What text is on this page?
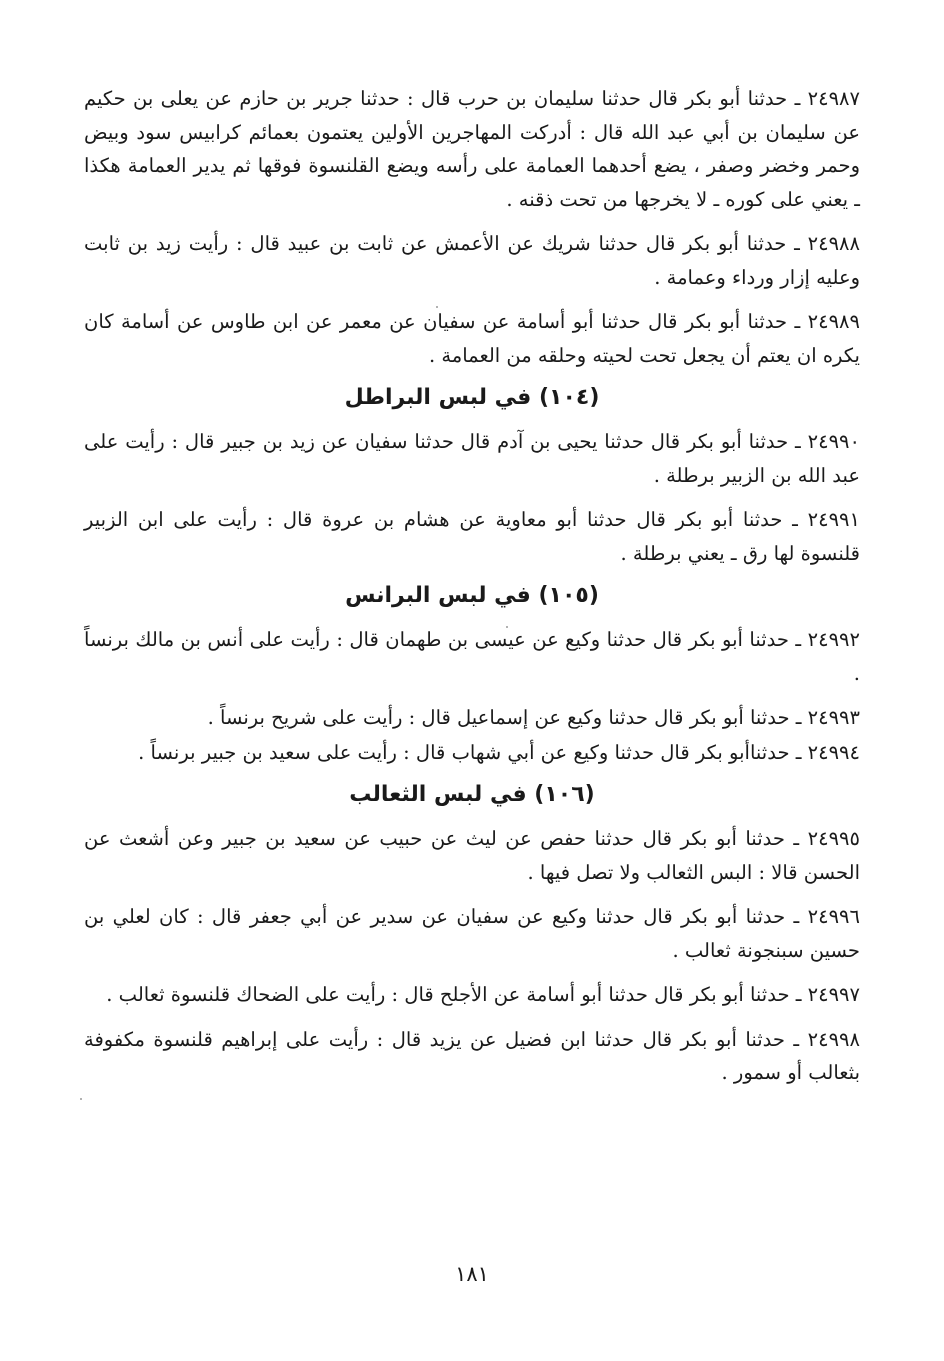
٢٤٩٨٧ ـ حدثنا أبو بكر قال حدثنا سليمان بن حرب قال : حدثنا جرير بن حازم عن يعلى بن حكيم عن سليمان بن أبي عبد الله قال : أدركت المهاجرين الأولين يعتمون بعمائم كرابيس سود وبيض وحمر وخضر وصفر ، يضع أحدهما العمامة على رأسه ويضع القلنسوة فوقها ثم يدير العمامة هكذا ـ يعني على كوره ـ لا يخرجها من تحت ذقنه .

٢٤٩٨٨ ـ حدثنا أبو بكر قال حدثنا شريك عن الأعمش عن ثابت بن عبيد قال : رأيت زيد بن ثابت وعليه إزار ورداء وعمامة .

٢٤٩٨٩ ـ حدثنا أبو بكر قال حدثنا أبو أسامة عن سفيان عن معمر عن ابن طاوس عن أسامة كان يكره ان يعتم أن يجعل تحت لحيته وحلقه من العمامة .

(١٠٤) في لبس البراطل

٢٤٩٩٠ ـ حدثنا أبو بكر قال حدثنا يحيى بن آدم قال حدثنا سفيان عن زيد بن جبير قال : رأيت على عبد الله بن الزبير برطلة .

٢٤٩٩١ ـ حدثنا أبو بكر قال حدثنا أبو معاوية عن هشام بن عروة قال : رأيت على ابن الزبير قلنسوة لها رق ـ يعني برطلة .

(١٠٥) في لبس البرانس

٢٤٩٩٢ ـ حدثنا أبو بكر قال حدثنا وكيع عن عيسى بن طهمان قال : رأيت على أنس بن مالك برنساً .

٢٤٩٩٣ ـ حدثنا أبو بكر قال حدثنا وكيع عن إسماعيل قال : رأيت على شريح برنساً .

٢٤٩٩٤ ـ حدثناأبو بكر قال حدثنا وكيع عن أبي شهاب قال : رأيت على سعيد بن جبير برنساً .

(١٠٦) في لبس الثعالب

٢٤٩٩٥ ـ حدثنا أبو بكر قال حدثنا حفص عن ليث عن حبيب عن سعيد بن جبير وعن أشعث عن الحسن قالا : البس الثعالب ولا تصل فيها .

٢٤٩٩٦ ـ حدثنا أبو بكر قال حدثنا وكيع عن سفيان عن سدير عن أبي جعفر قال : كان لعلي بن حسين سبنجونة ثعالب .

٢٤٩٩٧ ـ حدثنا أبو بكر قال حدثنا أبو أسامة عن الأجلح قال : رأيت على الضحاك قلنسوة ثعالب .

٢٤٩٩٨ ـ حدثنا أبو بكر قال حدثنا ابن فضيل عن يزيد قال : رأيت على إبراهيم قلنسوة مكفوفة بثعالب أو سمور .

١٨١
